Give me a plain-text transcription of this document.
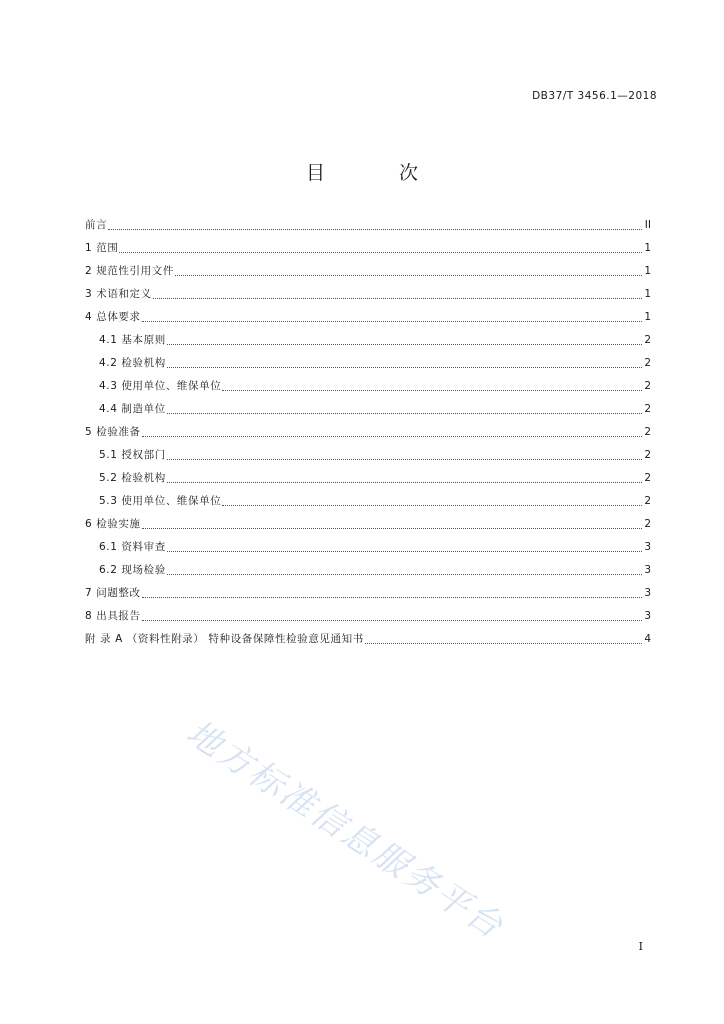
DB37/T 3456.1—2018
目 次
前言	II
1 范围	1
2 规范性引用文件	1
3 术语和定义	1
4 总体要求	1
4.1 基本原则	2
4.2 检验机构	2
4.3 使用单位、维保单位	2
4.4 制造单位	2
5 检验准备	2
5.1 授权部门	2
5.2 检验机构	2
5.3 使用单位、维保单位	2
6 检验实施	2
6.1 资料审查	3
6.2 现场检验	3
7 问题整改	3
8 出具报告	3
附 录 A （资料性附录） 特种设备保障性检验意见通知书	4
地方标准信息服务平台	I
